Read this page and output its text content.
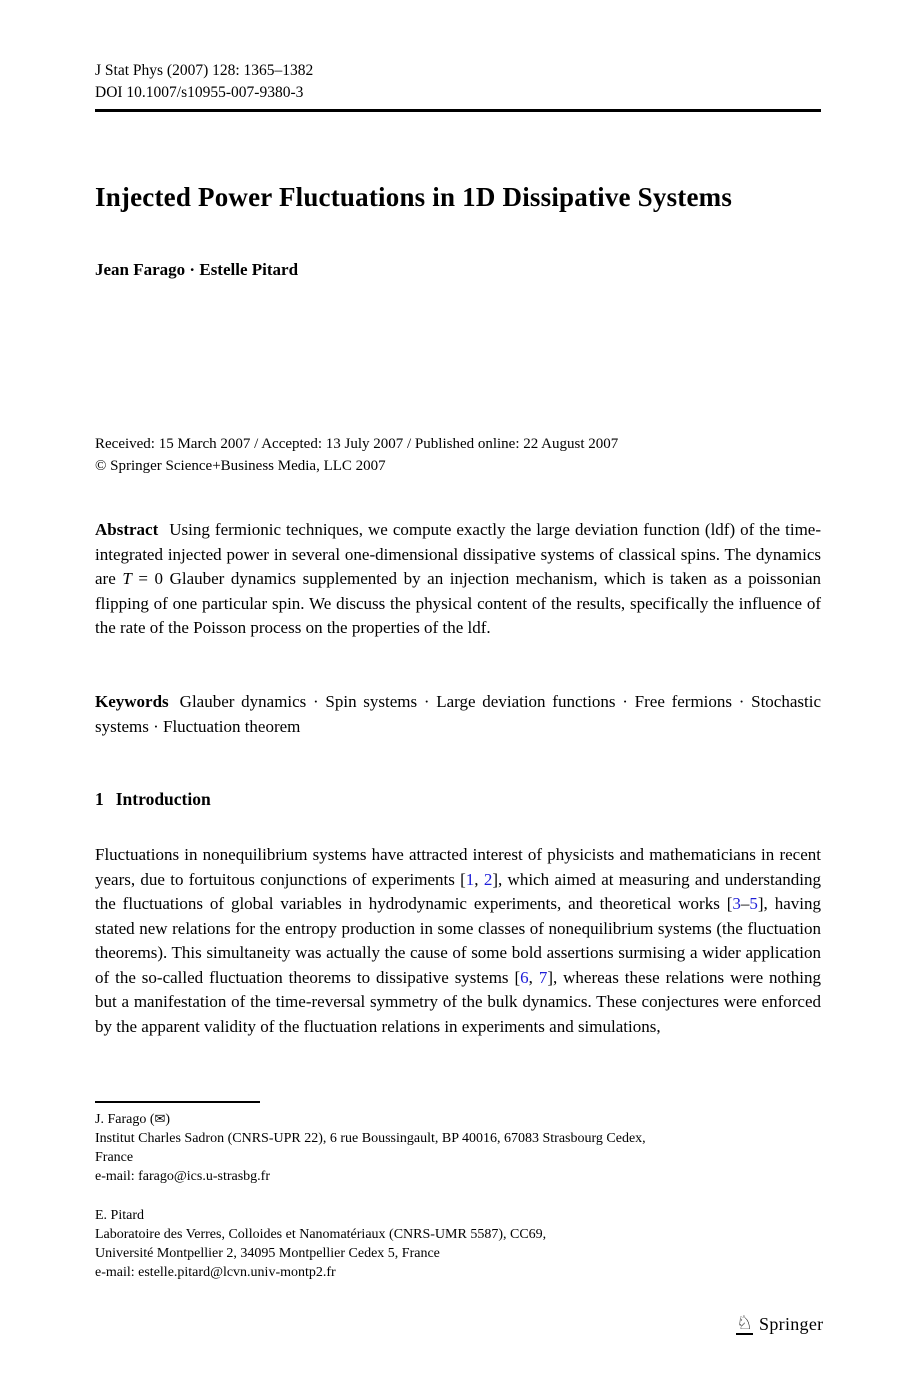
J Stat Phys (2007) 128: 1365–1382
DOI 10.1007/s10955-007-9380-3
Injected Power Fluctuations in 1D Dissipative Systems
Jean Farago · Estelle Pitard
Received: 15 March 2007 / Accepted: 13 July 2007 / Published online: 22 August 2007
© Springer Science+Business Media, LLC 2007
Abstract Using fermionic techniques, we compute exactly the large deviation function (ldf) of the time-integrated injected power in several one-dimensional dissipative systems of classical spins. The dynamics are T = 0 Glauber dynamics supplemented by an injection mechanism, which is taken as a poissonian flipping of one particular spin. We discuss the physical content of the results, specifically the influence of the rate of the Poisson process on the properties of the ldf.
Keywords Glauber dynamics · Spin systems · Large deviation functions · Free fermions · Stochastic systems · Fluctuation theorem
1 Introduction
Fluctuations in nonequilibrium systems have attracted interest of physicists and mathematicians in recent years, due to fortuitous conjunctions of experiments [1, 2], which aimed at measuring and understanding the fluctuations of global variables in hydrodynamic experiments, and theoretical works [3–5], having stated new relations for the entropy production in some classes of nonequilibrium systems (the fluctuation theorems). This simultaneity was actually the cause of some bold assertions surmising a wider application of the so-called fluctuation theorems to dissipative systems [6, 7], whereas these relations were nothing but a manifestation of the time-reversal symmetry of the bulk dynamics. These conjectures were enforced by the apparent validity of the fluctuation relations in experiments and simulations,
J. Farago (✉)
Institut Charles Sadron (CNRS-UPR 22), 6 rue Boussingault, BP 40016, 67083 Strasbourg Cedex,
France
e-mail: farago@ics.u-strasbg.fr
E. Pitard
Laboratoire des Verres, Colloides et Nanomatériaux (CNRS-UMR 5587), CC69,
Université Montpellier 2, 34095 Montpellier Cedex 5, France
e-mail: estelle.pitard@lcvn.univ-montp2.fr
♘ Springer
